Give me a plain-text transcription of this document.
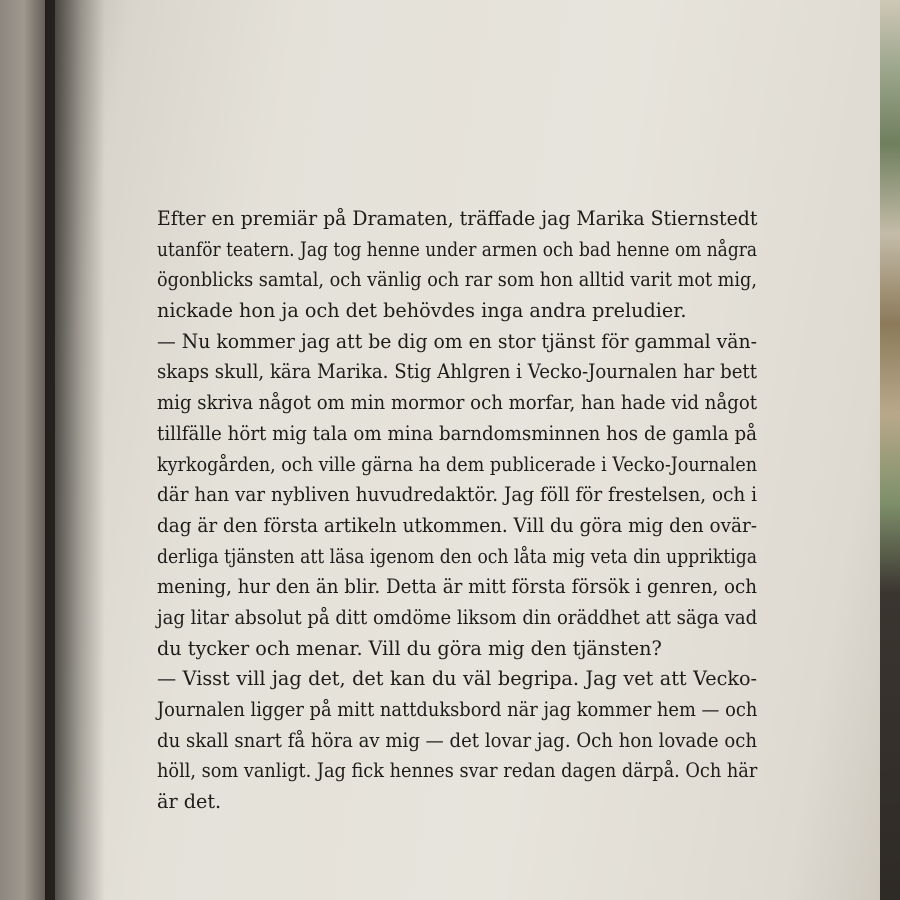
Efter en premiär på Dramaten, träffade jag Marika Stiernstedt
utanför teatern. Jag tog henne under armen och bad henne om några
ögonblicks samtal, och vänlig och rar som hon alltid varit mot mig,
nickade hon ja och det behövdes inga andra preludier.
— Nu kommer jag att be dig om en stor tjänst för gammal vän-
skaps skull, kära Marika. Stig Ahlgren i Vecko-Journalen har bett
mig skriva något om min mormor och morfar, han hade vid något
tillfälle hört mig tala om mina barndomsminnen hos de gamla på
kyrkogården, och ville gärna ha dem publicerade i Vecko-Journalen
där han var nybliven huvudredaktör. Jag föll för frestelsen, och i
dag är den första artikeln utkommen. Vill du göra mig den ovär-
derliga tjänsten att läsa igenom den och låta mig veta din uppriktiga
mening, hur den än blir. Detta är mitt första försök i genren, och
jag litar absolut på ditt omdöme liksom din oräddhet att säga vad
du tycker och menar. Vill du göra mig den tjänsten?
— Visst vill jag det, det kan du väl begripa. Jag vet att Vecko-
Journalen ligger på mitt nattduksbord när jag kommer hem — och
du skall snart få höra av mig — det lovar jag. Och hon lovade och
höll, som vanligt. Jag fick hennes svar redan dagen därpå. Och här
är det.
